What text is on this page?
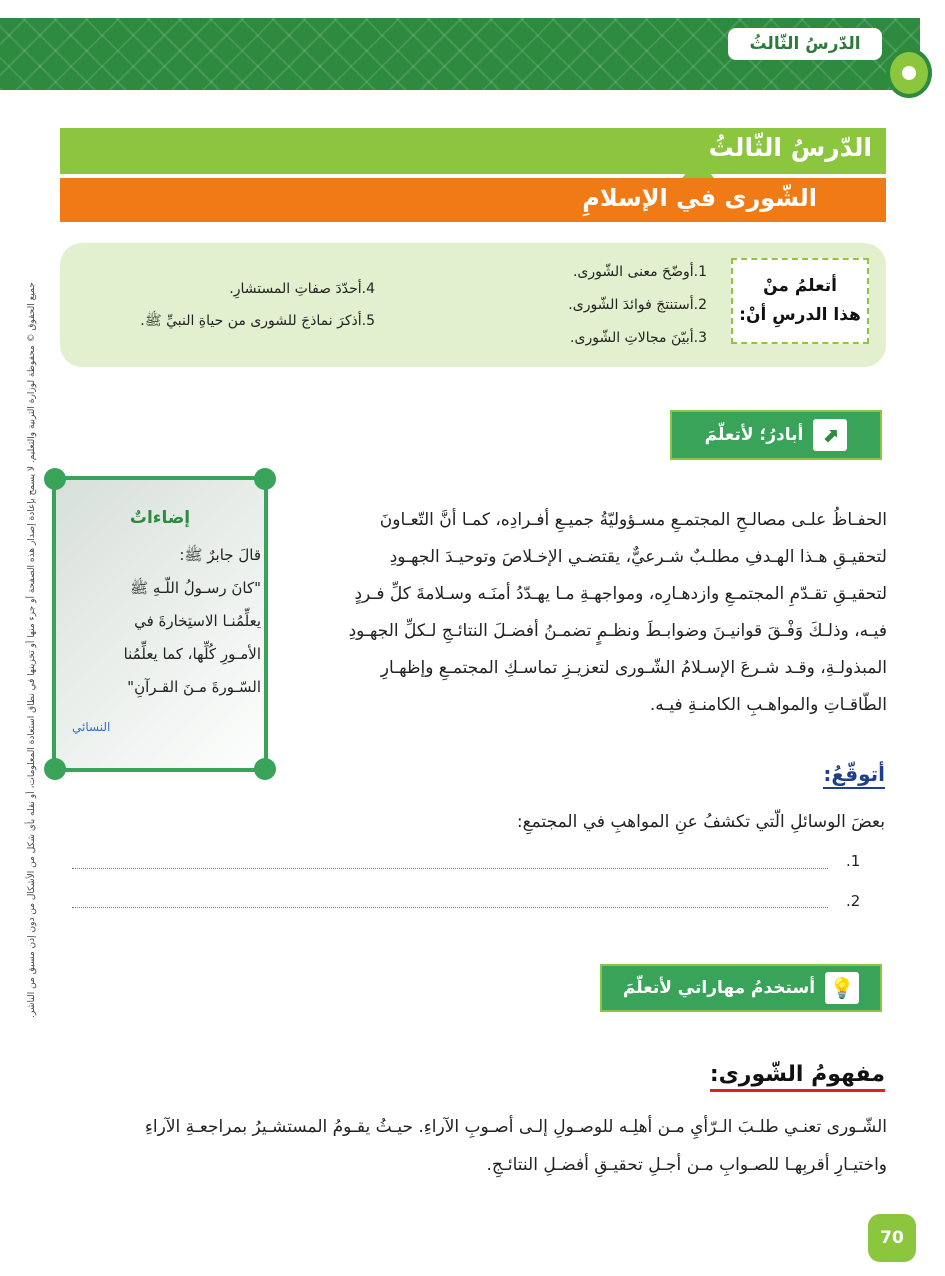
الدّرسُ الثّالثُ
الدّرسُ الثّالثُ
الشّورى في الإسلامِ
أتعلمُ منْ
هذا الدرسِ أنْ:
1.أوضّحَ معنى الشّورى.
2.أستنتجَ فوائدَ الشّورى.
3.أبيّنَ مجالاتِ الشّورى.
4.أحدّدَ صفاتِ المستشارِ.
5.أذكرَ نماذجَ للشورى من حياةِ النبيِّ ﷺ.
جميع الحقوق © محفوظة لوزارة التربية والتعليم. لا يسمح بإعادة إصدار هذه الصفحة أو جزء منها أو تخزينها في نطاق استعادة المعلومات، أو نقله بأي شكل من الأشكال من دون إذن مسبق من الناشر.	⬈
أبادرُ؛ لأتعلّمَ
إضاءاتٌ
قالَ جابرٌ ﷺ:
"كانَ رسـولُ اللّـهِ ﷺ
يعلِّمُنـا الاستِخارةَ في
الأمـورِ كُلِّها، كما يعلِّمُنا
السّـورةَ مـنَ القـرآنِ"
النسائي
الحفـاظُ علـى مصالـحِ المجتمـعِ مسـؤوليّةُ جميـعِ أفـرادِه، كمـا أنَّ التّعـاونَ
لتحقيـقِ هـذا الهـدفِ مطلـبٌ شـرعيٌّ، يقتضـي الإخـلاصَ وتوحيـدَ الجهـودِ
لتحقيـقِ تقـدّمِ المجتمـعِ وازدهـارِه، ومواجهـةِ مـا يهـدّدُ أمنَـه وسـلامةَ كلِّ فـردٍ
فيـه، وذلـكَ وَفْـقَ قوانيـنَ وضوابـطَ ونظـمٍ تضمـنُ أفضـلَ النتائـجِ لـكلِّ الجهـودِ
المبذولـةِ، وقـد شـرعَ الإسـلامُ الشّـورى لتعزيـزِ تماسـكِ المجتمـعِ وإظهـارِ
الطّاقـاتِ والمواهـبِ الكامنـةِ فيـه.
أتوقّعُ:
بعضَ الوسائلِ الّتي تكشفُ عنِ المواهبِ في المجتمعِ:
.1
.2
💡
أستخدمُ مهاراتي لأتعلّمَ
مفهومُ الشّورى:
الشّـورى تعنـي طلـبَ الـرّأيِ مـن أهلِـه للوصـولِ إلـى أصـوبِ الآراءِ. حيـثُ يقـومُ المستشـيرُ بمراجعـةِ الآراءِ
واختيـارِ أقربِهـا للصـوابِ مـن أجـلِ تحقيـقِ أفضـلِ النتائـجِ.
70
